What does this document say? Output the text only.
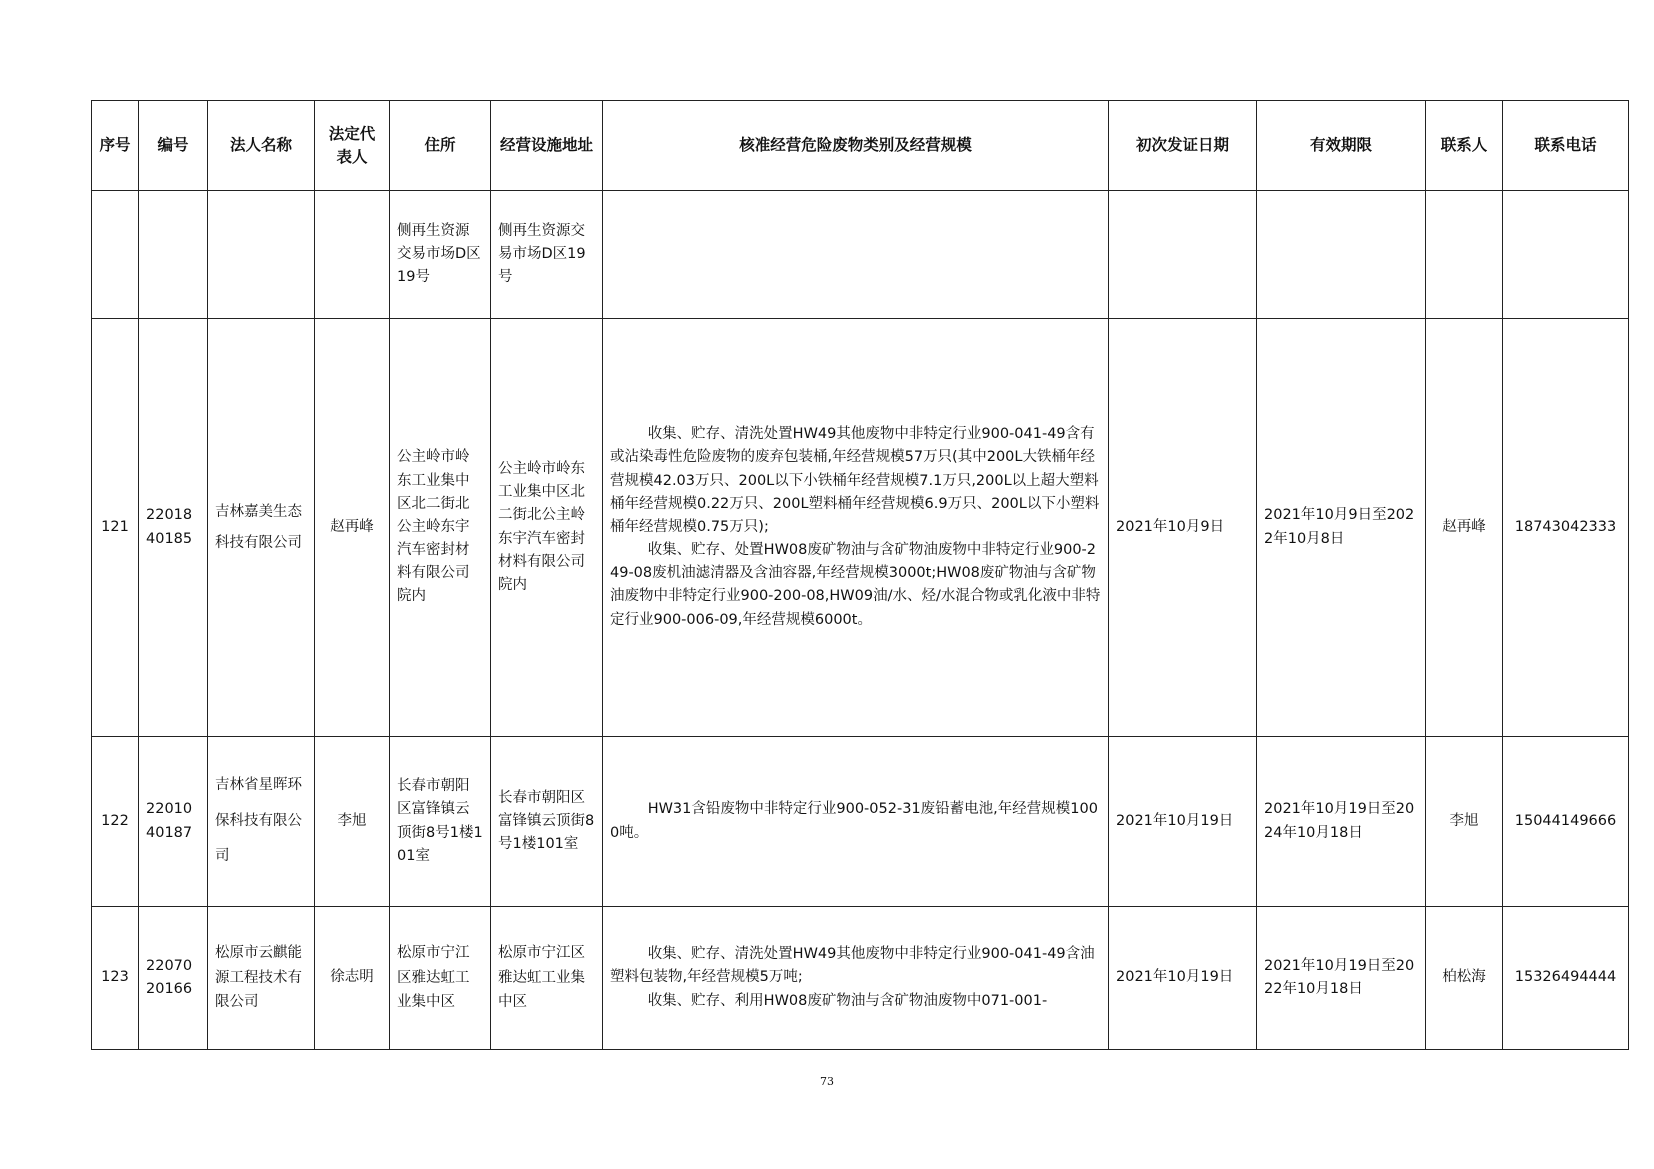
序号	编号	法人名称	法定代表人	住所	经营设施地址	核准经营危险废物类别及经营规模	初次发证日期	有效期限	联系人	联系电话
				侧再生资源交易市场D区19号	侧再生资源交易市场D区19号					
121	2201840185	吉林嘉美生态科技有限公司	赵再峰	公主岭市岭东工业集中区北二街北公主岭东宇汽车密封材料有限公司院内	公主岭市岭东工业集中区北二街北公主岭东宇汽车密封材料有限公司院内	收集、贮存、清洗处置HW49其他废物中非特定行业900-041-49含有或沾染毒性危险废物的废弃包装桶,年经营规模57万只(其中200L大铁桶年经营规模42.03万只、200L以下小铁桶年经营规模7.1万只,200L以上超大塑料桶年经营规模0.22万只、200L塑料桶年经营规模6.9万只、200L以下小塑料桶年经营规模0.75万只);

收集、贮存、处置HW08废矿物油与含矿物油废物中非特定行业900-249-08废机油滤清器及含油容器,年经营规模3000t;HW08废矿物油与含矿物油废物中非特定行业900-200-08,HW09油/水、烃/水混合物或乳化液中非特定行业900-006-09,年经营规模6000t。	2021年10月9日	2021年10月9日至2022年10月8日	赵再峰	18743042333
122	2201040187	吉林省星晖环保科技有限公司	李旭	长春市朝阳区富锋镇云顶街8号1楼101室	长春市朝阳区富锋镇云顶街8号1楼101室	HW31含铅废物中非特定行业900-052-31废铅蓄电池,年经营规模1000吨。	2021年10月19日	2021年10月19日至2024年10月18日	李旭	15044149666
123	2207020166	松原市云麒能源工程技术有限公司	徐志明	松原市宁江区雅达虹工业集中区	松原市宁江区雅达虹工业集中区	收集、贮存、清洗处置HW49其他废物中非特定行业900-041-49含油塑料包装物,年经营规模5万吨;

收集、贮存、利用HW08废矿物油与含矿物油废物中071-001-	2021年10月19日	2021年10月19日至2022年10月18日	柏松海	15326494444
73
